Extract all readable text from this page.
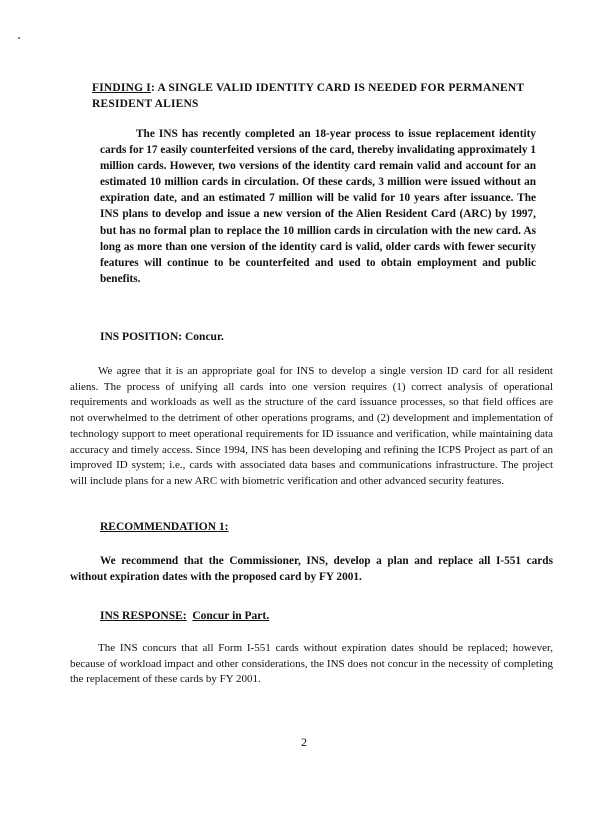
FINDING I: A SINGLE VALID IDENTITY CARD IS NEEDED FOR PERMANENT RESIDENT ALIENS

The INS has recently completed an 18-year process to issue replacement identity cards for 17 easily counterfeited versions of the card, thereby invalidating approximately 1 million cards. However, two versions of the identity card remain valid and account for an estimated 10 million cards in circulation. Of these cards, 3 million were issued without an expiration date, and an estimated 7 million will be valid for 10 years after issuance. The INS plans to develop and issue a new version of the Alien Resident Card (ARC) by 1997, but has no formal plan to replace the 10 million cards in circulation with the new card. As long as more than one version of the identity card is valid, older cards with fewer security features will continue to be counterfeited and used to obtain employment and public benefits.

INS POSITION: Concur.

We agree that it is an appropriate goal for INS to develop a single version ID card for all resident aliens. The process of unifying all cards into one version requires (1) correct analysis of operational requirements and workloads as well as the structure of the card issuance processes, so that field offices are not overwhelmed to the detriment of other operations programs, and (2) development and implementation of technology support to meet operational requirements for ID issuance and verification, while maintaining data accuracy and timely access. Since 1994, INS has been developing and refining the ICPS Project as part of an improved ID system; i.e., cards with associated data bases and communications infrastructure. The project will include plans for a new ARC with biometric verification and other advanced security features.

RECOMMENDATION 1:

We recommend that the Commissioner, INS, develop a plan and replace all I-551 cards without expiration dates with the proposed card by FY 2001.

INS RESPONSE: Concur in Part.

The INS concurs that all Form I-551 cards without expiration dates should be replaced; however, because of workload impact and other considerations, the INS does not concur in the necessity of completing the replacement of these cards by FY 2001.

2
